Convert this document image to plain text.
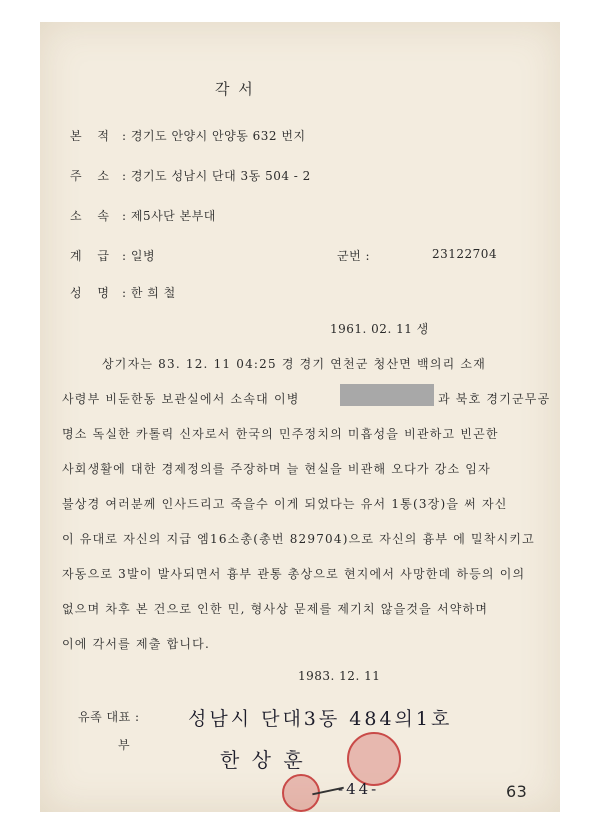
각 서
본 적 : 경기도 안양시 안양동 632 번지
주 소 : 경기도 성남시 단대 3동 504 - 2
소 속 : 제5사단 본부대
계 급 : 일병	군번 :	23122704
성 명 : 한 희 철
1961. 02. 11 생
상기자는 83. 12. 11 04:25 경 경기 연천군 청산면 백의리 소재
사령부 비둔한동 보관실에서 소속대 이병	과 북호 경기군무공
명소 독실한 카톨릭 신자로서 한국의 민주정치의 미흡성을 비관하고 빈곤한
사회생활에 대한 경제정의를 주장하며 늘 현실을 비관해 오다가 강소 임자
불상경 여러분께 인사드리고 죽을수 이게 되었다는 유서 1통(3장)을 써 자신
이 유대로 자신의 지급 엠16소총(총번 829704)으로 자신의 흉부 에 밀착시키고
자동으로 3발이 발사되면서 흉부 관통 총상으로 현지에서 사망한데 하등의 이의
없으며 차후 본 건으로 인한 민, 형사상 문제를 제기치 않을것을 서약하며
이에 각서를 제출 합니다.
1983. 12. 11
유족 대표 :
부
성남시 단대3동 484의1호
한 상 훈
-44-	63
